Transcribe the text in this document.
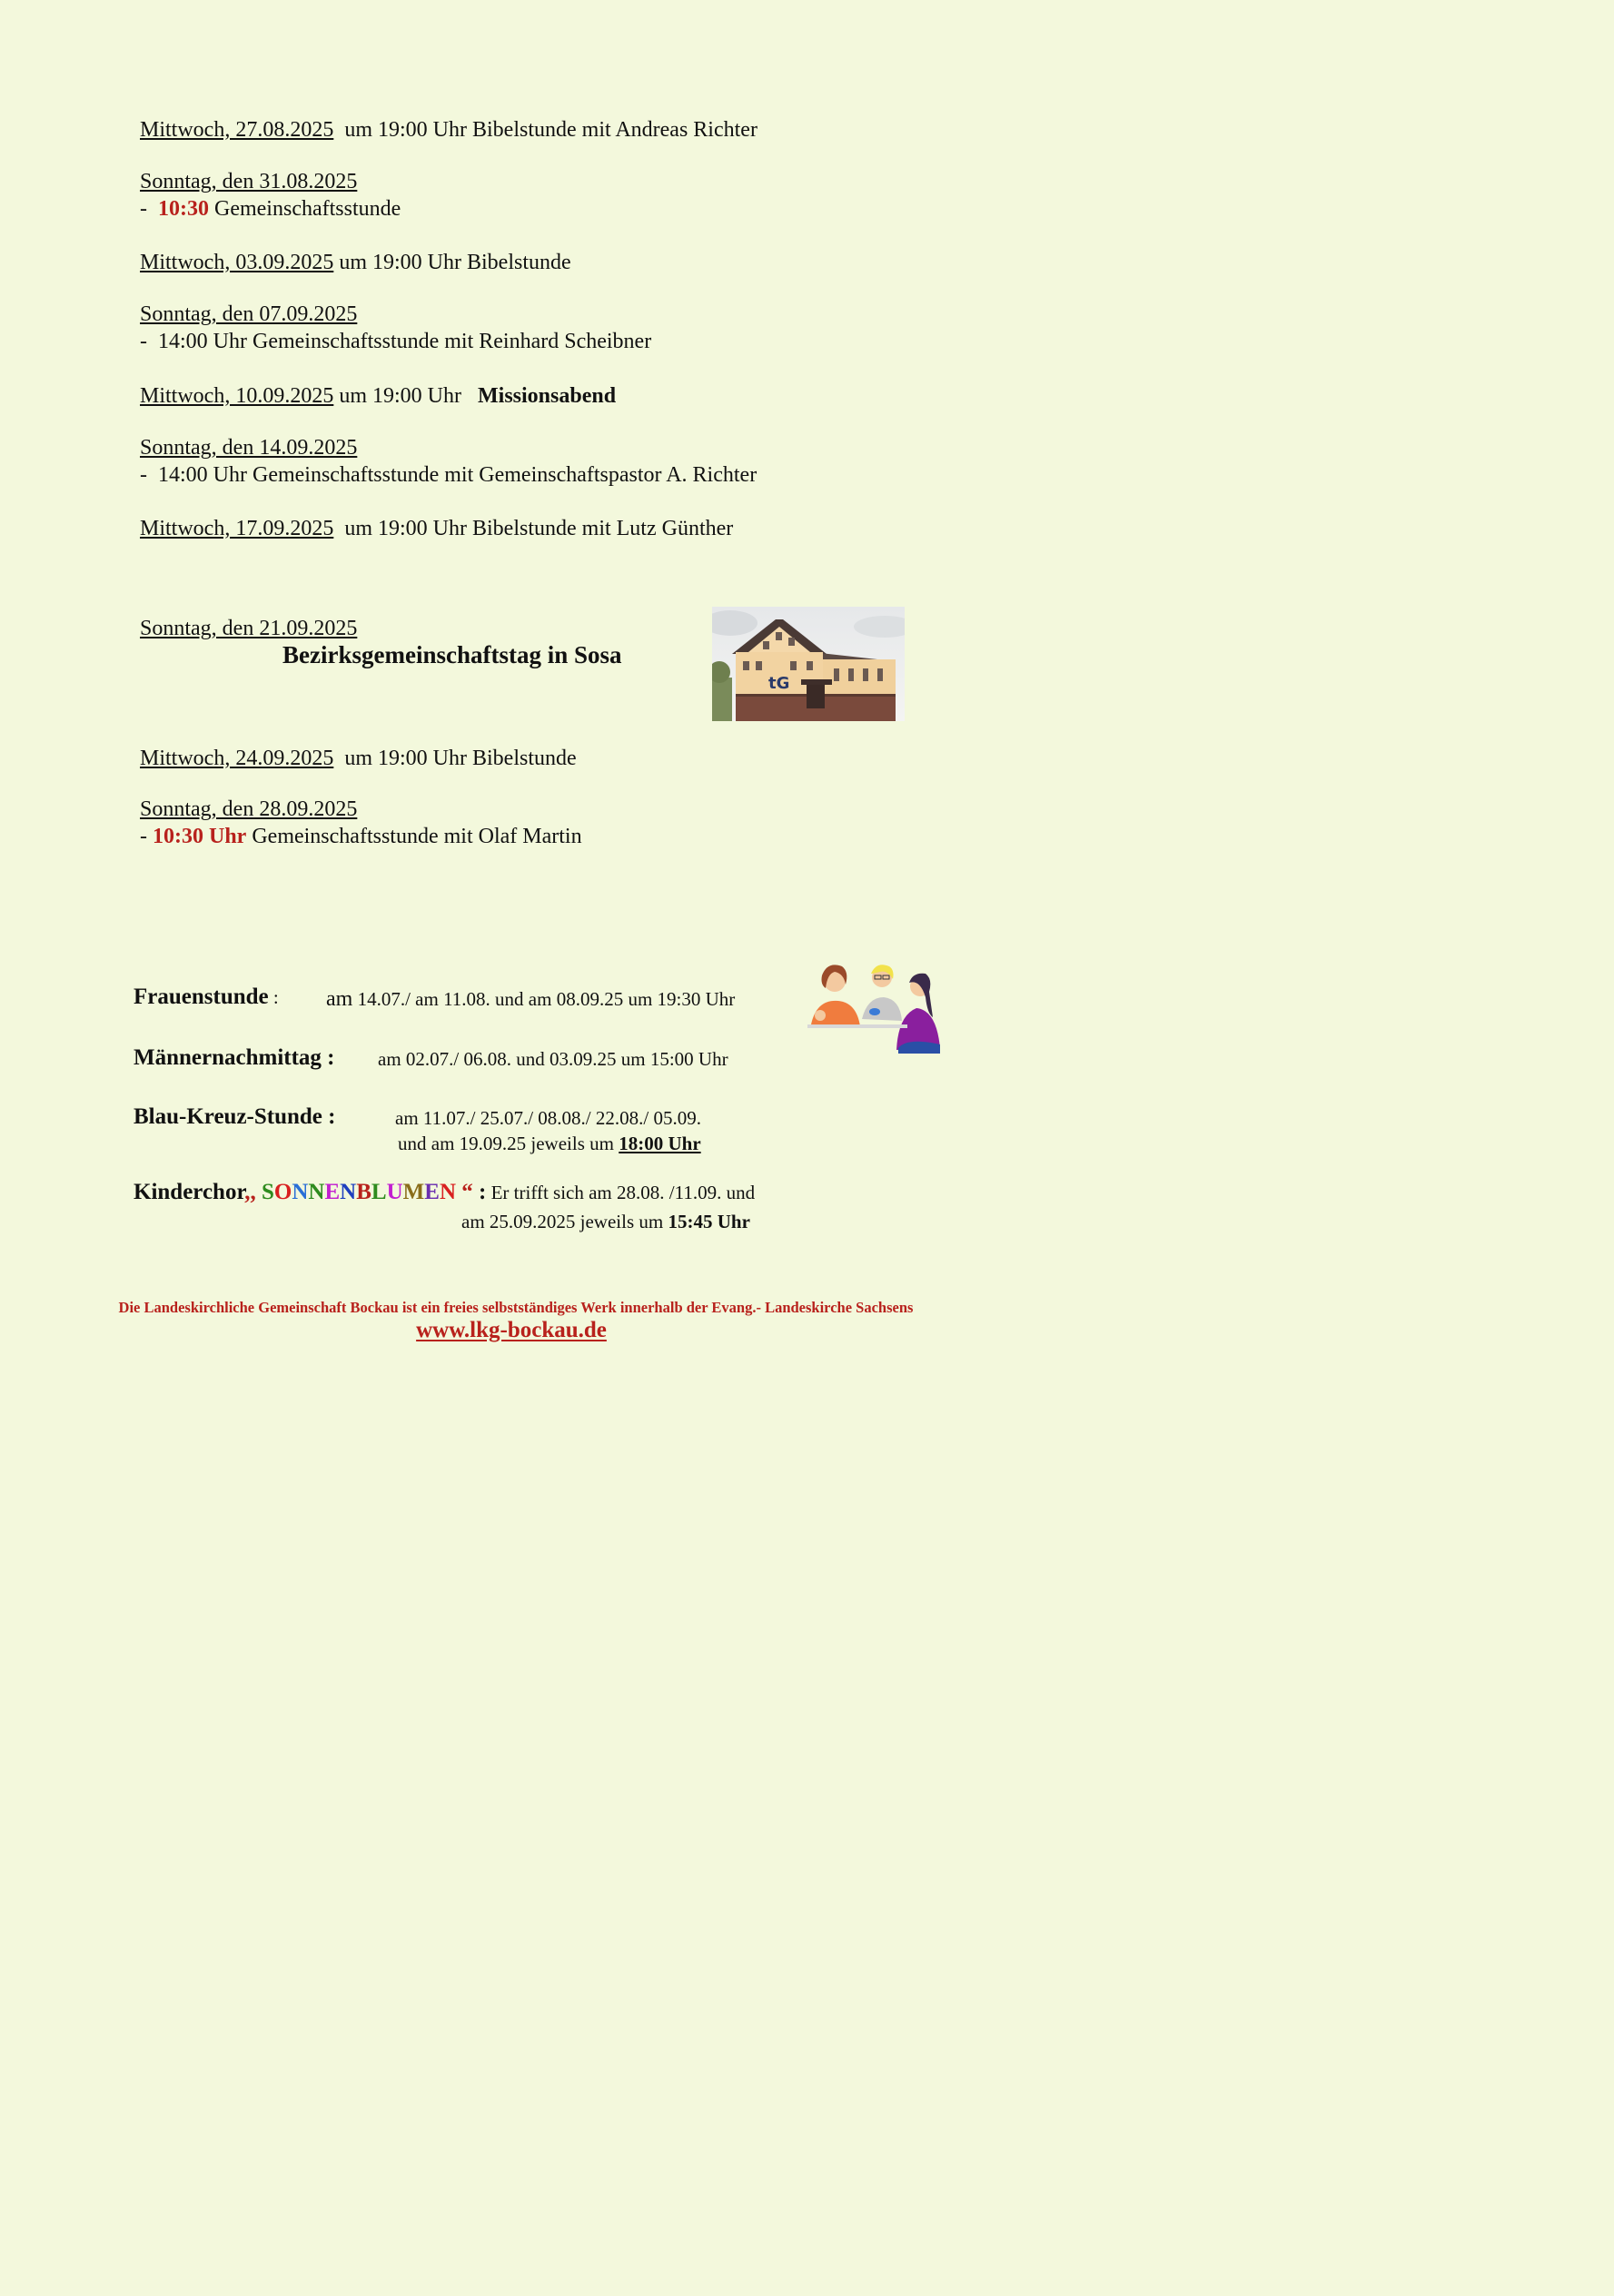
Mittwoch, 27.08.2025  um 19:00 Uhr Bibelstunde mit Andreas Richter
Sonntag, den 31.08.2025
-  10:30 Gemeinschaftsstunde
Mittwoch, 03.09.2025 um 19:00 Uhr Bibelstunde
Sonntag, den 07.09.2025
-  14:00 Uhr Gemeinschaftsstunde mit Reinhard Scheibner
Mittwoch, 10.09.2025 um 19:00 Uhr   Missionsabend
Sonntag, den 14.09.2025
-  14:00 Uhr Gemeinschaftsstunde mit Gemeinschaftspastor A. Richter
Mittwoch, 17.09.2025  um 19:00 Uhr Bibelstunde mit Lutz Günther
Sonntag, den 21.09.2025
Bezirksgemeinschaftstag in Sosa
tG
Mittwoch, 24.09.2025  um 19:00 Uhr Bibelstunde
Sonntag, den 28.09.2025
- 10:30 Uhr Gemeinschaftsstunde mit Olaf Martin
Frauenstunde : am 14.07./ am 11.08. und am 08.09.25 um 19:30 Uhr
Männernachmittag : am 02.07./ 06.08. und 03.09.25 um 15:00 Uhr
Blau-Kreuz-Stunde :	am 11.07./ 25.07./ 08.08./ 22.08./ 05.09.
und am 19.09.25 jeweils um 18:00 Uhr
Kinderchor,, SONNENBLUMEN “ : Er trifft sich am 28.08. /11.09. und
am 25.09.2025 jeweils um 15:45 Uhr
Die Landeskirchliche Gemeinschaft Bockau ist ein freies selbstständiges Werk innerhalb der Evang.- Landeskirche Sachsens
www.lkg-bockau.de
